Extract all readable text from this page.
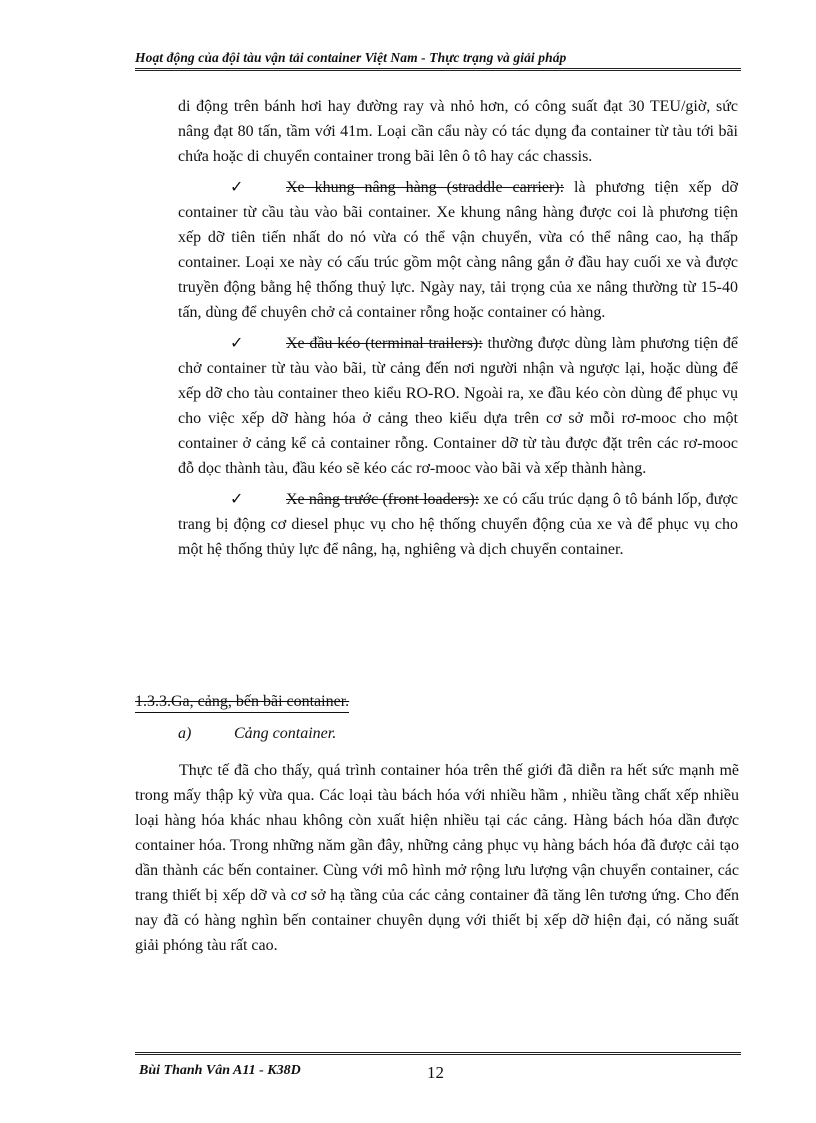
Hoạt động của đội tàu vận tải container Việt Nam - Thực trạng và giải pháp

di động trên bánh hơi hay đường ray và nhỏ hơn, có công suất đạt 30 TEU/giờ, sức nâng đạt 80 tấn, tầm với 41m. Loại cần cẩu này có tác dụng đa container từ tàu tới bãi chứa hoặc di chuyển container trong bãi lên ô tô hay các chassis.

✓	Xe khung nâng hàng (straddle carrier): là phương tiện xếp dỡ container từ cầu tàu vào bãi container. Xe khung nâng hàng được coi là phương tiện xếp dỡ tiên tiến nhất do nó vừa có thể vận chuyển, vừa có thể nâng cao, hạ thấp container. Loại xe này có cấu trúc gồm một càng nâng gắn ở đầu hay cuối xe và được truyền động bằng hệ thống thuỷ lực. Ngày nay, tải trọng của xe nâng thường từ 15-40 tấn, dùng để chuyên chở cả container rỗng hoặc container có hàng.

✓	Xe đầu kéo (terminal trailers): thường được dùng làm phương tiện để chở container từ tàu vào bãi, từ cảng đến nơi người nhận và ngược lại, hoặc dùng để xếp dỡ cho tàu container theo kiểu RO-RO. Ngoài ra, xe đầu kéo còn dùng để phục vụ cho việc xếp dỡ hàng hóa ở cảng theo kiểu dựa trên cơ sở mỗi rơ-mooc cho một container ở cảng kể cả container rỗng. Container dỡ từ tàu được đặt trên các rơ-mooc đỗ dọc thành tàu, đầu kéo sẽ kéo các rơ-mooc vào bãi và xếp thành hàng.

✓	Xe nâng trước (front loaders): xe có cấu trúc dạng ô tô bánh lốp, được trang bị động cơ diesel phục vụ cho hệ thống chuyển động của xe và để phục vụ cho một hệ thống thủy lực để nâng, hạ, nghiêng và dịch chuyển container.

1.3.3.Ga, cảng, bến bãi container.
a)	Cảng container.

Thực tế đã cho thấy, quá trình container hóa trên thế giới đã diễn ra hết sức mạnh mẽ trong mấy thập kỷ vừa qua. Các loại tàu bách hóa với nhiều hầm , nhiều tầng chất xếp nhiều loại hàng hóa khác nhau không còn xuất hiện nhiều tại các cảng. Hàng bách hóa dần được container hóa. Trong những năm gần đây, những cảng phục vụ hàng bách hóa đã được cải tạo dần thành các bến container. Cùng với mô hình mở rộng lưu lượng vận chuyển container, các trang thiết bị xếp dỡ và cơ sở hạ tầng của các cảng container đã tăng lên tương ứng. Cho đến nay đã có hàng nghìn bến container chuyên dụng với thiết bị xếp dỡ hiện đại, có năng suất giải phóng tàu rất cao.

Bùi Thanh Vân A11 - K38D	12
